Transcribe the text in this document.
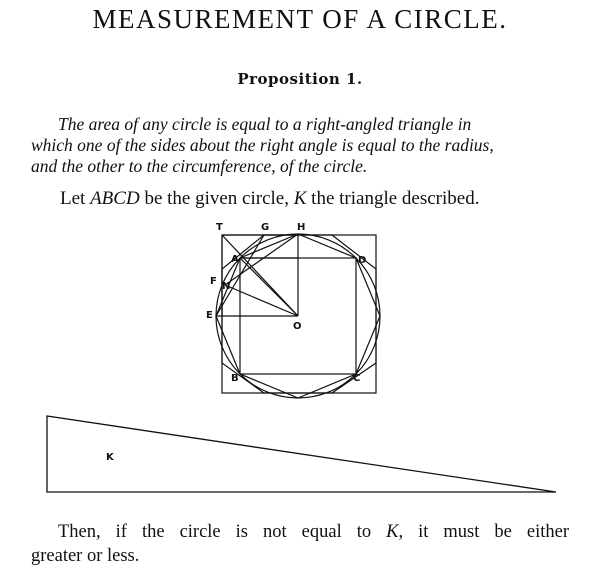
MEASUREMENT OF A CIRCLE.
Proposition 1.
The area of any circle is equal to a right-angled triangle in
which one of the sides about the right angle is equal to the radius,
and the other to the circumference, of the circle.
Let ABCD be the given circle, K the triangle described.
T	G	H
A	D
F N
E
O
B	C
K
Then, if the circle is not equal to K, it must be either
greater or less.
